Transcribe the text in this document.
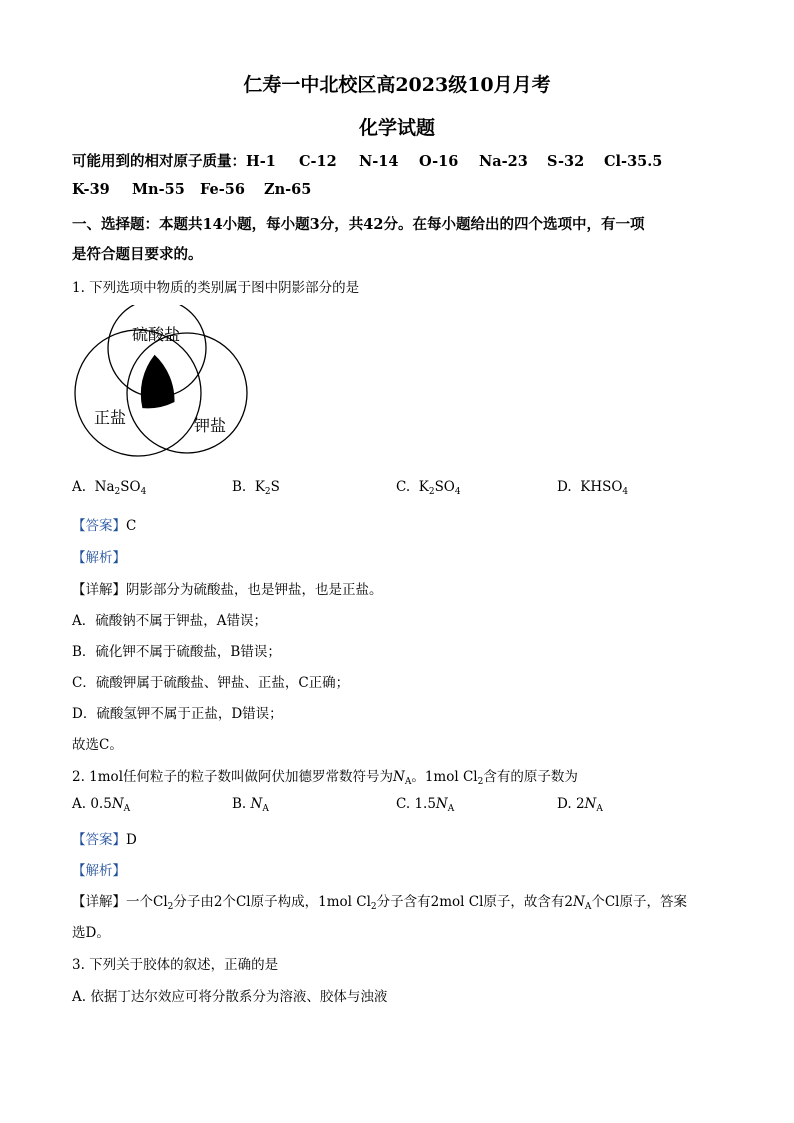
仁寿一中北校区高2023级10月月考
化学试题
可能用到的相对原子质量：H-1 C-12 N-14 O-16 Na-23 S-32 Cl-35.5
K-39 Mn-55 Fe-56 Zn-65
一、选择题：本题共14小题，每小题3分，共42分。在每小题给出的四个选项中，有一项
是符合题目要求的。
1. 下列选项中物质的类别属于图中阴影部分的是
硫酸盐
正盐	钾盐
A. $Na_2SO_4$	B. $K_2S$	C. $K_2SO_4$	D. $KHSO_4$
【答案】C
【解析】
【详解】阴影部分为硫酸盐，也是钾盐，也是正盐。
A．硫酸钠不属于钾盐，A错误；
B．硫化钾不属于硫酸盐，B错误；
C．硫酸钾属于硫酸盐、钾盐、正盐，C正确；
D．硫酸氢钾不属于正盐，D错误；
故选C。
2. 1mol任何粒子的粒子数叫做阿伏加德罗常数符号为$N_A$。1mol $Cl_2$含有的原子数为
A. $0.5N_A$	B. $N_A$	C. $1.5N_A$	D. $2N_A$
【答案】D
【解析】
【详解】一个$Cl_2$分子由2个Cl原子构成，1mol $Cl_2$分子含有2mol Cl原子，故含有$2N_A$个Cl原子，答案
选D。
3. 下列关于胶体的叙述，正确的是
A. 依据丁达尔效应可将分散系分为溶液、胶体与浊液
